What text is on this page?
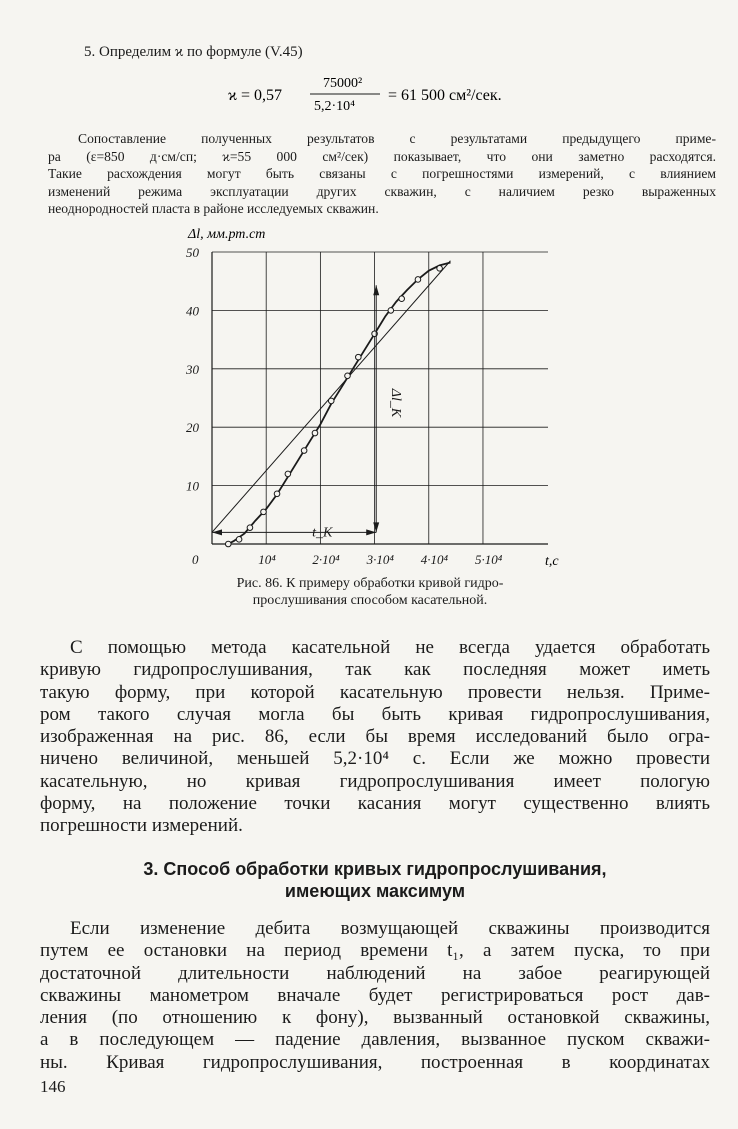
5. Определим ϰ по формуле (V.45)
ϰ = 0,57
75000²
5,2·10⁴
= 61 500 см²/сек.
Сопоставление полученных результатов с результатами предыдущего приме-
ра (ε=850 д·см/сп; ϰ=55 000 см²/сек) показывает, что они заметно расходятся.
Такие расхождения могут быть связаны с погрешностями измерений, с влиянием
изменений режима эксплуатации других скважин, с наличием резко выраженных
неоднородностей пласта в районе исследуемых скважин.
0	10⁴	2·10⁴ 3·10⁴ 4·10⁴ 5·10⁴
10
20
30
40
50
t_K
Δl_K
Δl, мм.рт.ст
t,c
Рис. 86. К примеру обработки кривой гидро-
прослушивания способом касательной.
С помощью метода касательной не всегда удается обработать
кривую гидропрослушивания, так как последняя может иметь
такую форму, при которой касательную провести нельзя. Приме-
ром такого случая могла бы быть кривая гидропрослушивания,
изображенная на рис. 86, если бы время исследований было огра-
ничено величиной, меньшей 5,2·10⁴ с. Если же можно провести
касательную, но кривая гидропрослушивания имеет пологую
форму, на положение точки касания могут существенно влиять
погрешности измерений.
3. Способ обработки кривых гидропрослушивания,
имеющих максимум
Если изменение дебита возмущающей скважины производится
путем ее остановки на период времени t₁, а затем пуска, то при
достаточной длительности наблюдений на забое реагирующей
скважины манометром вначале будет регистрироваться рост дав-
ления (по отношению к фону), вызванный остановкой скважины,
а в последующем — падение давления, вызванное пуском скважи-
ны. Кривая гидропрослушивания, построенная в координатах
146
